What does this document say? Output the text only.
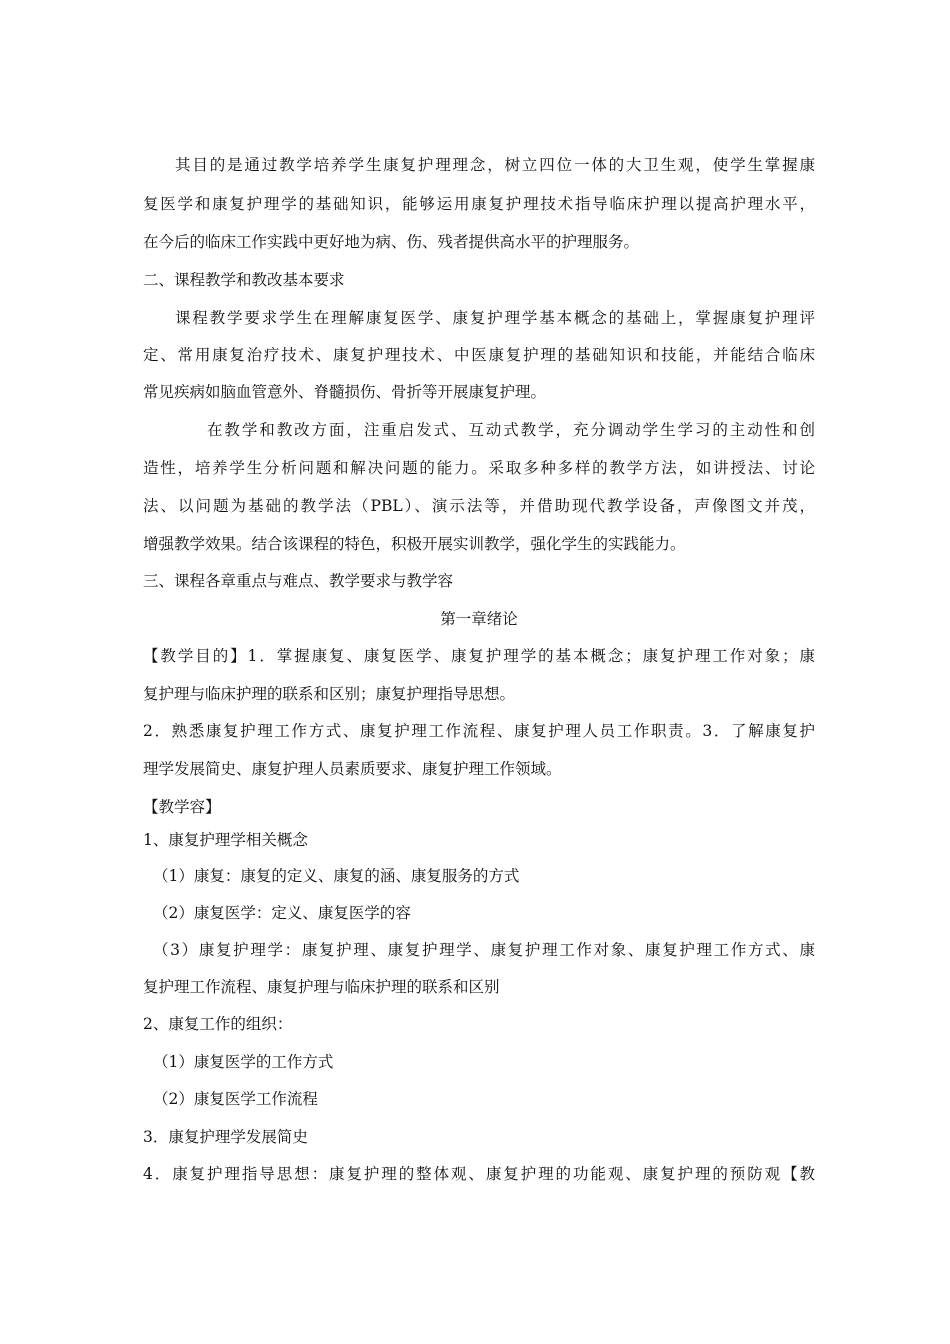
其目的是通过教学培养学生康复护理理念，树立四位一体的大卫生观，使学生掌握康
复医学和康复护理学的基础知识，能够运用康复护理技术指导临床护理以提高护理水平，
在今后的临床工作实践中更好地为病、伤、残者提供高水平的护理服务。
二、课程教学和教改基本要求
课程教学要求学生在理解康复医学、康复护理学基本概念的基础上，掌握康复护理评
定、常用康复治疗技术、康复护理技术、中医康复护理的基础知识和技能，并能结合临床
常见疾病如脑血管意外、脊髓损伤、骨折等开展康复护理。
在教学和教改方面，注重启发式、互动式教学，充分调动学生学习的主动性和创
造性，培养学生分析问题和解决问题的能力。采取多种多样的教学方法，如讲授法、讨论
法、以问题为基础的教学法（PBL）、演示法等，并借助现代教学设备，声像图文并茂，
增强教学效果。结合该课程的特色，积极开展实训教学，强化学生的实践能力。
三、课程各章重点与难点、教学要求与教学容
第一章绪论
【教学目的】1．掌握康复、康复医学、康复护理学的基本概念；康复护理工作对象；康
复护理与临床护理的联系和区别；康复护理指导思想。
2．熟悉康复护理工作方式、康复护理工作流程、康复护理人员工作职责。3．了解康复护
理学发展简史、康复护理人员素质要求、康复护理工作领域。
【教学容】
1、康复护理学相关概念
（1）康复：康复的定义、康复的涵、康复服务的方式
（2）康复医学：定义、康复医学的容
（3）康复护理学：康复护理、康复护理学、康复护理工作对象、康复护理工作方式、康
复护理工作流程、康复护理与临床护理的联系和区别
2、康复工作的组织：
（1）康复医学的工作方式
（2）康复医学工作流程
3．康复护理学发展简史
4．康复护理指导思想：康复护理的整体观、康复护理的功能观、康复护理的预防观【教
